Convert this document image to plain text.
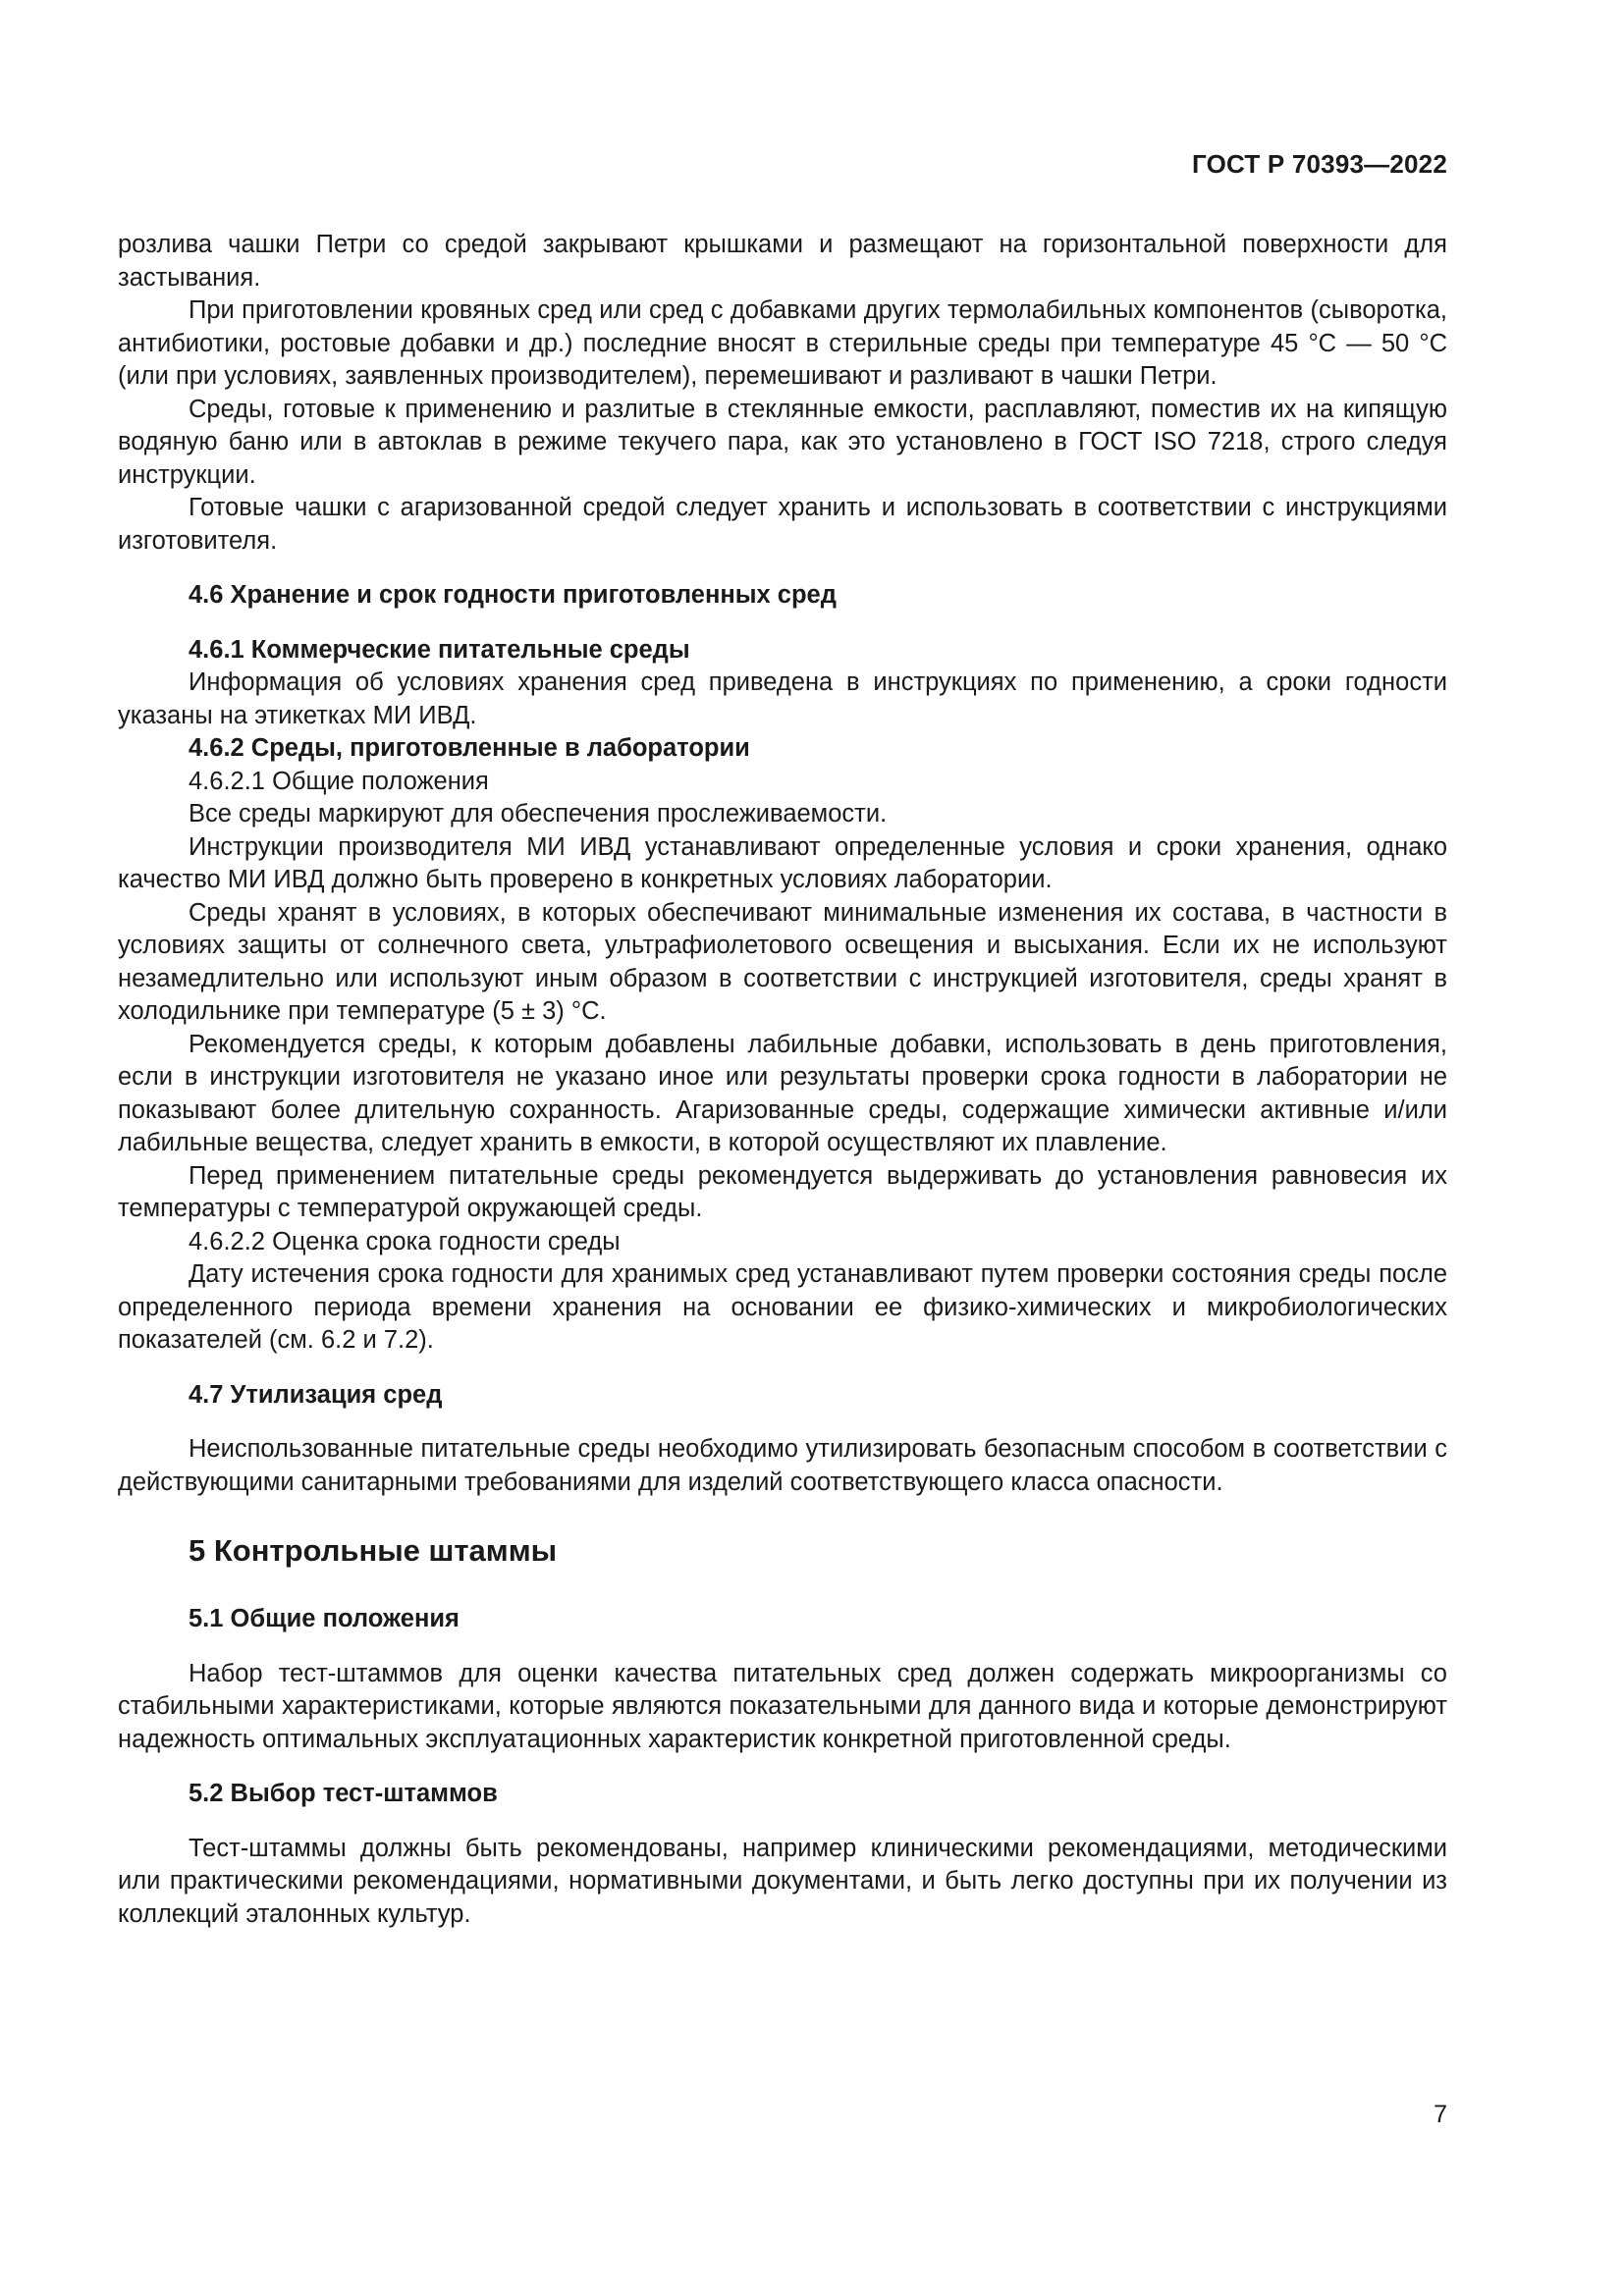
ГОСТ Р 70393—2022

розлива чашки Петри со средой закрывают крышками и размещают на горизонтальной поверхности для застывания.

При приготовлении кровяных сред или сред с добавками других термолабильных компонентов (сыворотка, антибиотики, ростовые добавки и др.) последние вносят в стерильные среды при температуре 45 °С — 50 °С (или при условиях, заявленных производителем), перемешивают и разливают в чашки Петри.

Среды, готовые к применению и разлитые в стеклянные емкости, расплавляют, поместив их на кипящую водяную баню или в автоклав в режиме текучего пара, как это установлено в ГОСТ ISO 7218, строго следуя инструкции.

Готовые чашки с агаризованной средой следует хранить и использовать в соответствии с инструкциями изготовителя.

4.6 Хранение и срок годности приготовленных сред
4.6.1 Коммерческие питательные среды

Информация об условиях хранения сред приведена в инструкциях по применению, а сроки годности указаны на этикетках МИ ИВД.

4.6.2 Среды, приготовленные в лаборатории
4.6.2.1 Общие положения

Все среды маркируют для обеспечения прослеживаемости.

Инструкции производителя МИ ИВД устанавливают определенные условия и сроки хранения, однако качество МИ ИВД должно быть проверено в конкретных условиях лаборатории.

Среды хранят в условиях, в которых обеспечивают минимальные изменения их состава, в частности в условиях защиты от солнечного света, ультрафиолетового освещения и высыхания. Если их не используют незамедлительно или используют иным образом в соответствии с инструкцией изготовителя, среды хранят в холодильнике при температуре (5 ± 3) °С.

Рекомендуется среды, к которым добавлены лабильные добавки, использовать в день приготовления, если в инструкции изготовителя не указано иное или результаты проверки срока годности в лаборатории не показывают более длительную сохранность. Агаризованные среды, содержащие химически активные и/или лабильные вещества, следует хранить в емкости, в которой осуществляют их плавление.

Перед применением питательные среды рекомендуется выдерживать до установления равновесия их температуры с температурой окружающей среды.

4.6.2.2 Оценка срока годности среды

Дату истечения срока годности для хранимых сред устанавливают путем проверки состояния среды после определенного периода времени хранения на основании ее физико-химических и микробиологических показателей (см. 6.2 и 7.2).

4.7 Утилизация сред

Неиспользованные питательные среды необходимо утилизировать безопасным способом в соответствии с действующими санитарными требованиями для изделий соответствующего класса опасности.

5 Контрольные штаммы
5.1 Общие положения

Набор тест-штаммов для оценки качества питательных сред должен содержать микроорганизмы со стабильными характеристиками, которые являются показательными для данного вида и которые демонстрируют надежность оптимальных эксплуатационных характеристик конкретной приготовленной среды.

5.2 Выбор тест-штаммов

Тест-штаммы должны быть рекомендованы, например клиническими рекомендациями, методическими или практическими рекомендациями, нормативными документами, и быть легко доступны при их получении из коллекций эталонных культур.

7
